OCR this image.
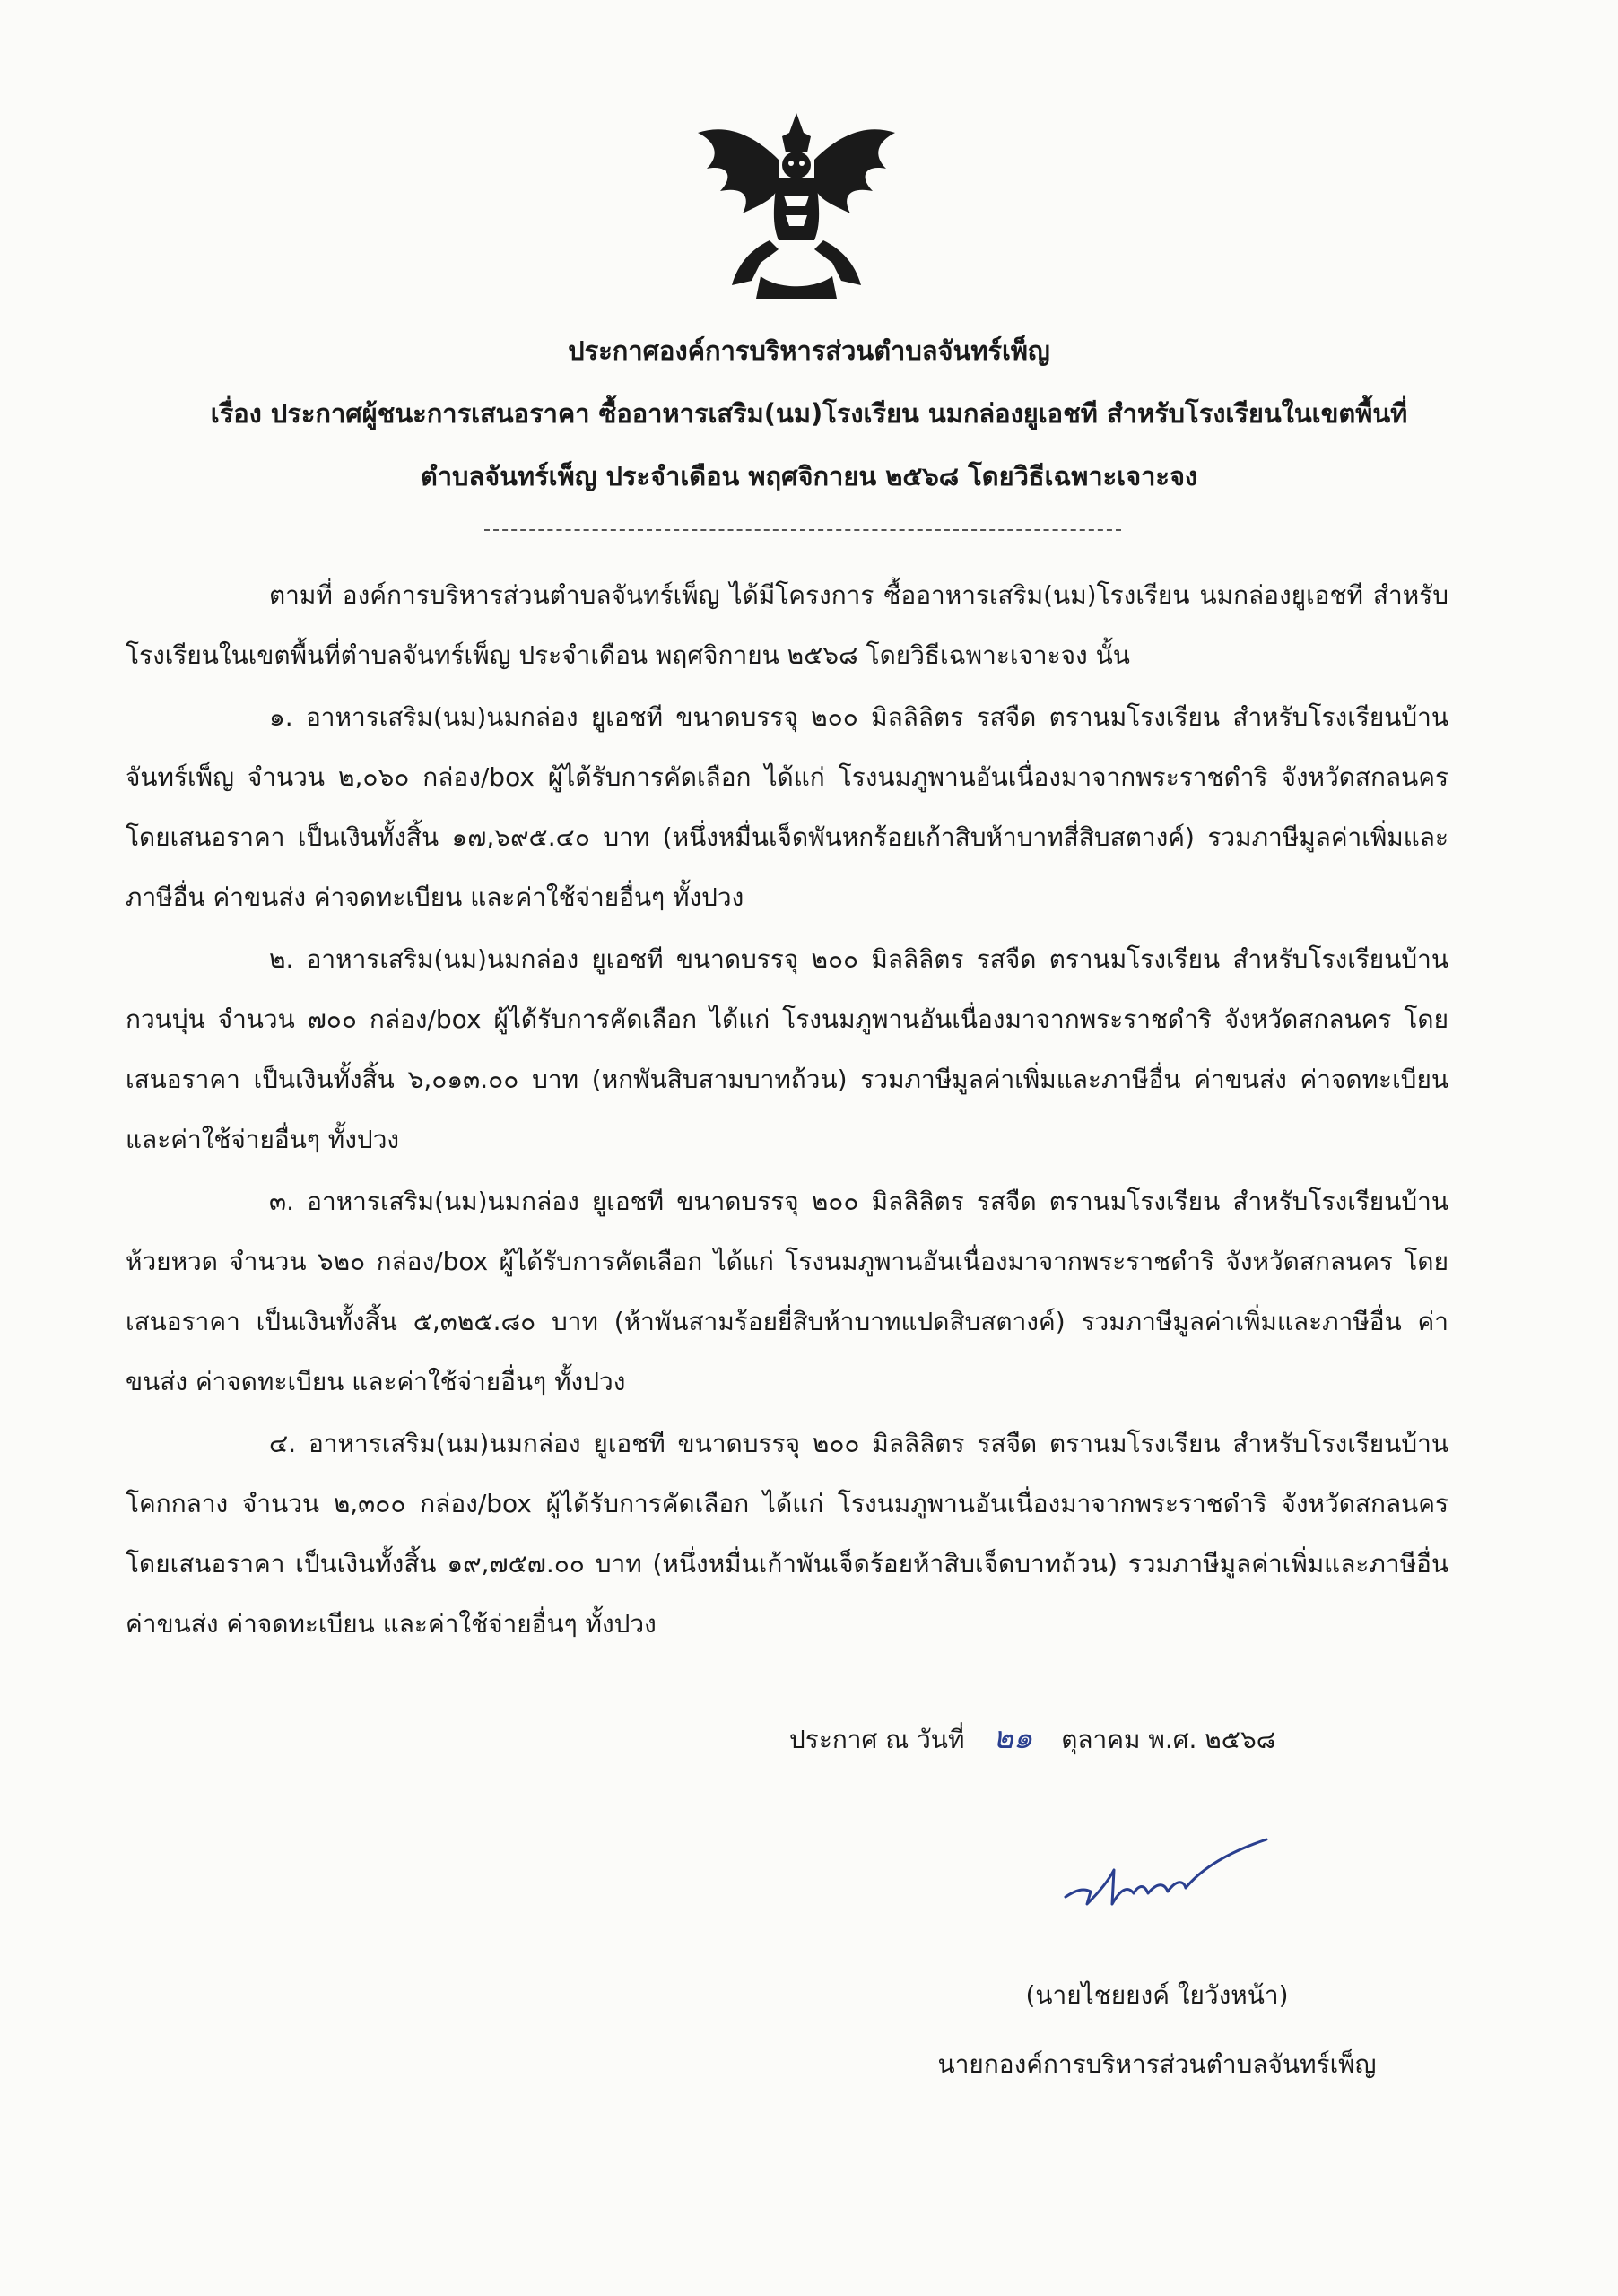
ประกาศองค์การบริหารส่วนตำบลจันทร์เพ็ญ
เรื่อง ประกาศผู้ชนะการเสนอราคา ซื้ออาหารเสริม(นม)โรงเรียน นมกล่องยูเอชที สำหรับโรงเรียนในเขตพื้นที่
ตำบลจันทร์เพ็ญ ประจำเดือน พฤศจิกายน ๒๕๖๘ โดยวิธีเฉพาะเจาะจง

ตามที่ องค์การบริหารส่วนตำบลจันทร์เพ็ญ ได้มีโครงการ ซื้ออาหารเสริม(นม)โรงเรียน นมกล่องยูเอชที สำหรับโรงเรียนในเขตพื้นที่ตำบลจันทร์เพ็ญ ประจำเดือน พฤศจิกายน ๒๕๖๘ โดยวิธีเฉพาะเจาะจง นั้น

๑. อาหารเสริม(นม)นมกล่อง ยูเอชที ขนาดบรรจุ ๒๐๐ มิลลิลิตร รสจืด ตรานมโรงเรียน สำหรับโรงเรียนบ้านจันทร์เพ็ญ จำนวน ๒,๐๖๐ กล่อง/box ผู้ได้รับการคัดเลือก ได้แก่ โรงนมภูพานอันเนื่องมาจากพระราชดำริ จังหวัดสกลนคร โดยเสนอราคา เป็นเงินทั้งสิ้น ๑๗,๖๙๕.๔๐ บาท (หนึ่งหมื่นเจ็ดพันหกร้อยเก้าสิบห้าบาทสี่สิบสตางค์) รวมภาษีมูลค่าเพิ่มและภาษีอื่น ค่าขนส่ง ค่าจดทะเบียน และค่าใช้จ่ายอื่นๆ ทั้งปวง

๒. อาหารเสริม(นม)นมกล่อง ยูเอชที ขนาดบรรจุ ๒๐๐ มิลลิลิตร รสจืด ตรานมโรงเรียน สำหรับโรงเรียนบ้านกวนบุ่น จำนวน ๗๐๐ กล่อง/box ผู้ได้รับการคัดเลือก ได้แก่ โรงนมภูพานอันเนื่องมาจากพระราชดำริ จังหวัดสกลนคร โดยเสนอราคา เป็นเงินทั้งสิ้น ๖,๐๑๓.๐๐ บาท (หกพันสิบสามบาทถ้วน) รวมภาษีมูลค่าเพิ่มและภาษีอื่น ค่าขนส่ง ค่าจดทะเบียน และค่าใช้จ่ายอื่นๆ ทั้งปวง

๓. อาหารเสริม(นม)นมกล่อง ยูเอชที ขนาดบรรจุ ๒๐๐ มิลลิลิตร รสจืด ตรานมโรงเรียน สำหรับโรงเรียนบ้านห้วยหวด จำนวน ๖๒๐ กล่อง/box ผู้ได้รับการคัดเลือก ได้แก่ โรงนมภูพานอันเนื่องมาจากพระราชดำริ จังหวัดสกลนคร โดยเสนอราคา เป็นเงินทั้งสิ้น ๕,๓๒๕.๘๐ บาท (ห้าพันสามร้อยยี่สิบห้าบาทแปดสิบสตางค์) รวมภาษีมูลค่าเพิ่มและภาษีอื่น ค่าขนส่ง ค่าจดทะเบียน และค่าใช้จ่ายอื่นๆ ทั้งปวง

๔. อาหารเสริม(นม)นมกล่อง ยูเอชที ขนาดบรรจุ ๒๐๐ มิลลิลิตร รสจืด ตรานมโรงเรียน สำหรับโรงเรียนบ้านโคกกลาง จำนวน ๒,๓๐๐ กล่อง/box ผู้ได้รับการคัดเลือก ได้แก่ โรงนมภูพานอันเนื่องมาจากพระราชดำริ จังหวัดสกลนคร โดยเสนอราคา เป็นเงินทั้งสิ้น ๑๙,๗๕๗.๐๐ บาท (หนึ่งหมื่นเก้าพันเจ็ดร้อยห้าสิบเจ็ดบาทถ้วน) รวมภาษีมูลค่าเพิ่มและภาษีอื่น ค่าขนส่ง ค่าจดทะเบียน และค่าใช้จ่ายอื่นๆ ทั้งปวง

ประกาศ ณ วันที่ ๒๑ ตุลาคม พ.ศ. ๒๕๖๘
(นายไชยยงค์ ใยวังหน้า)
นายกองค์การบริหารส่วนตำบลจันทร์เพ็ญ
